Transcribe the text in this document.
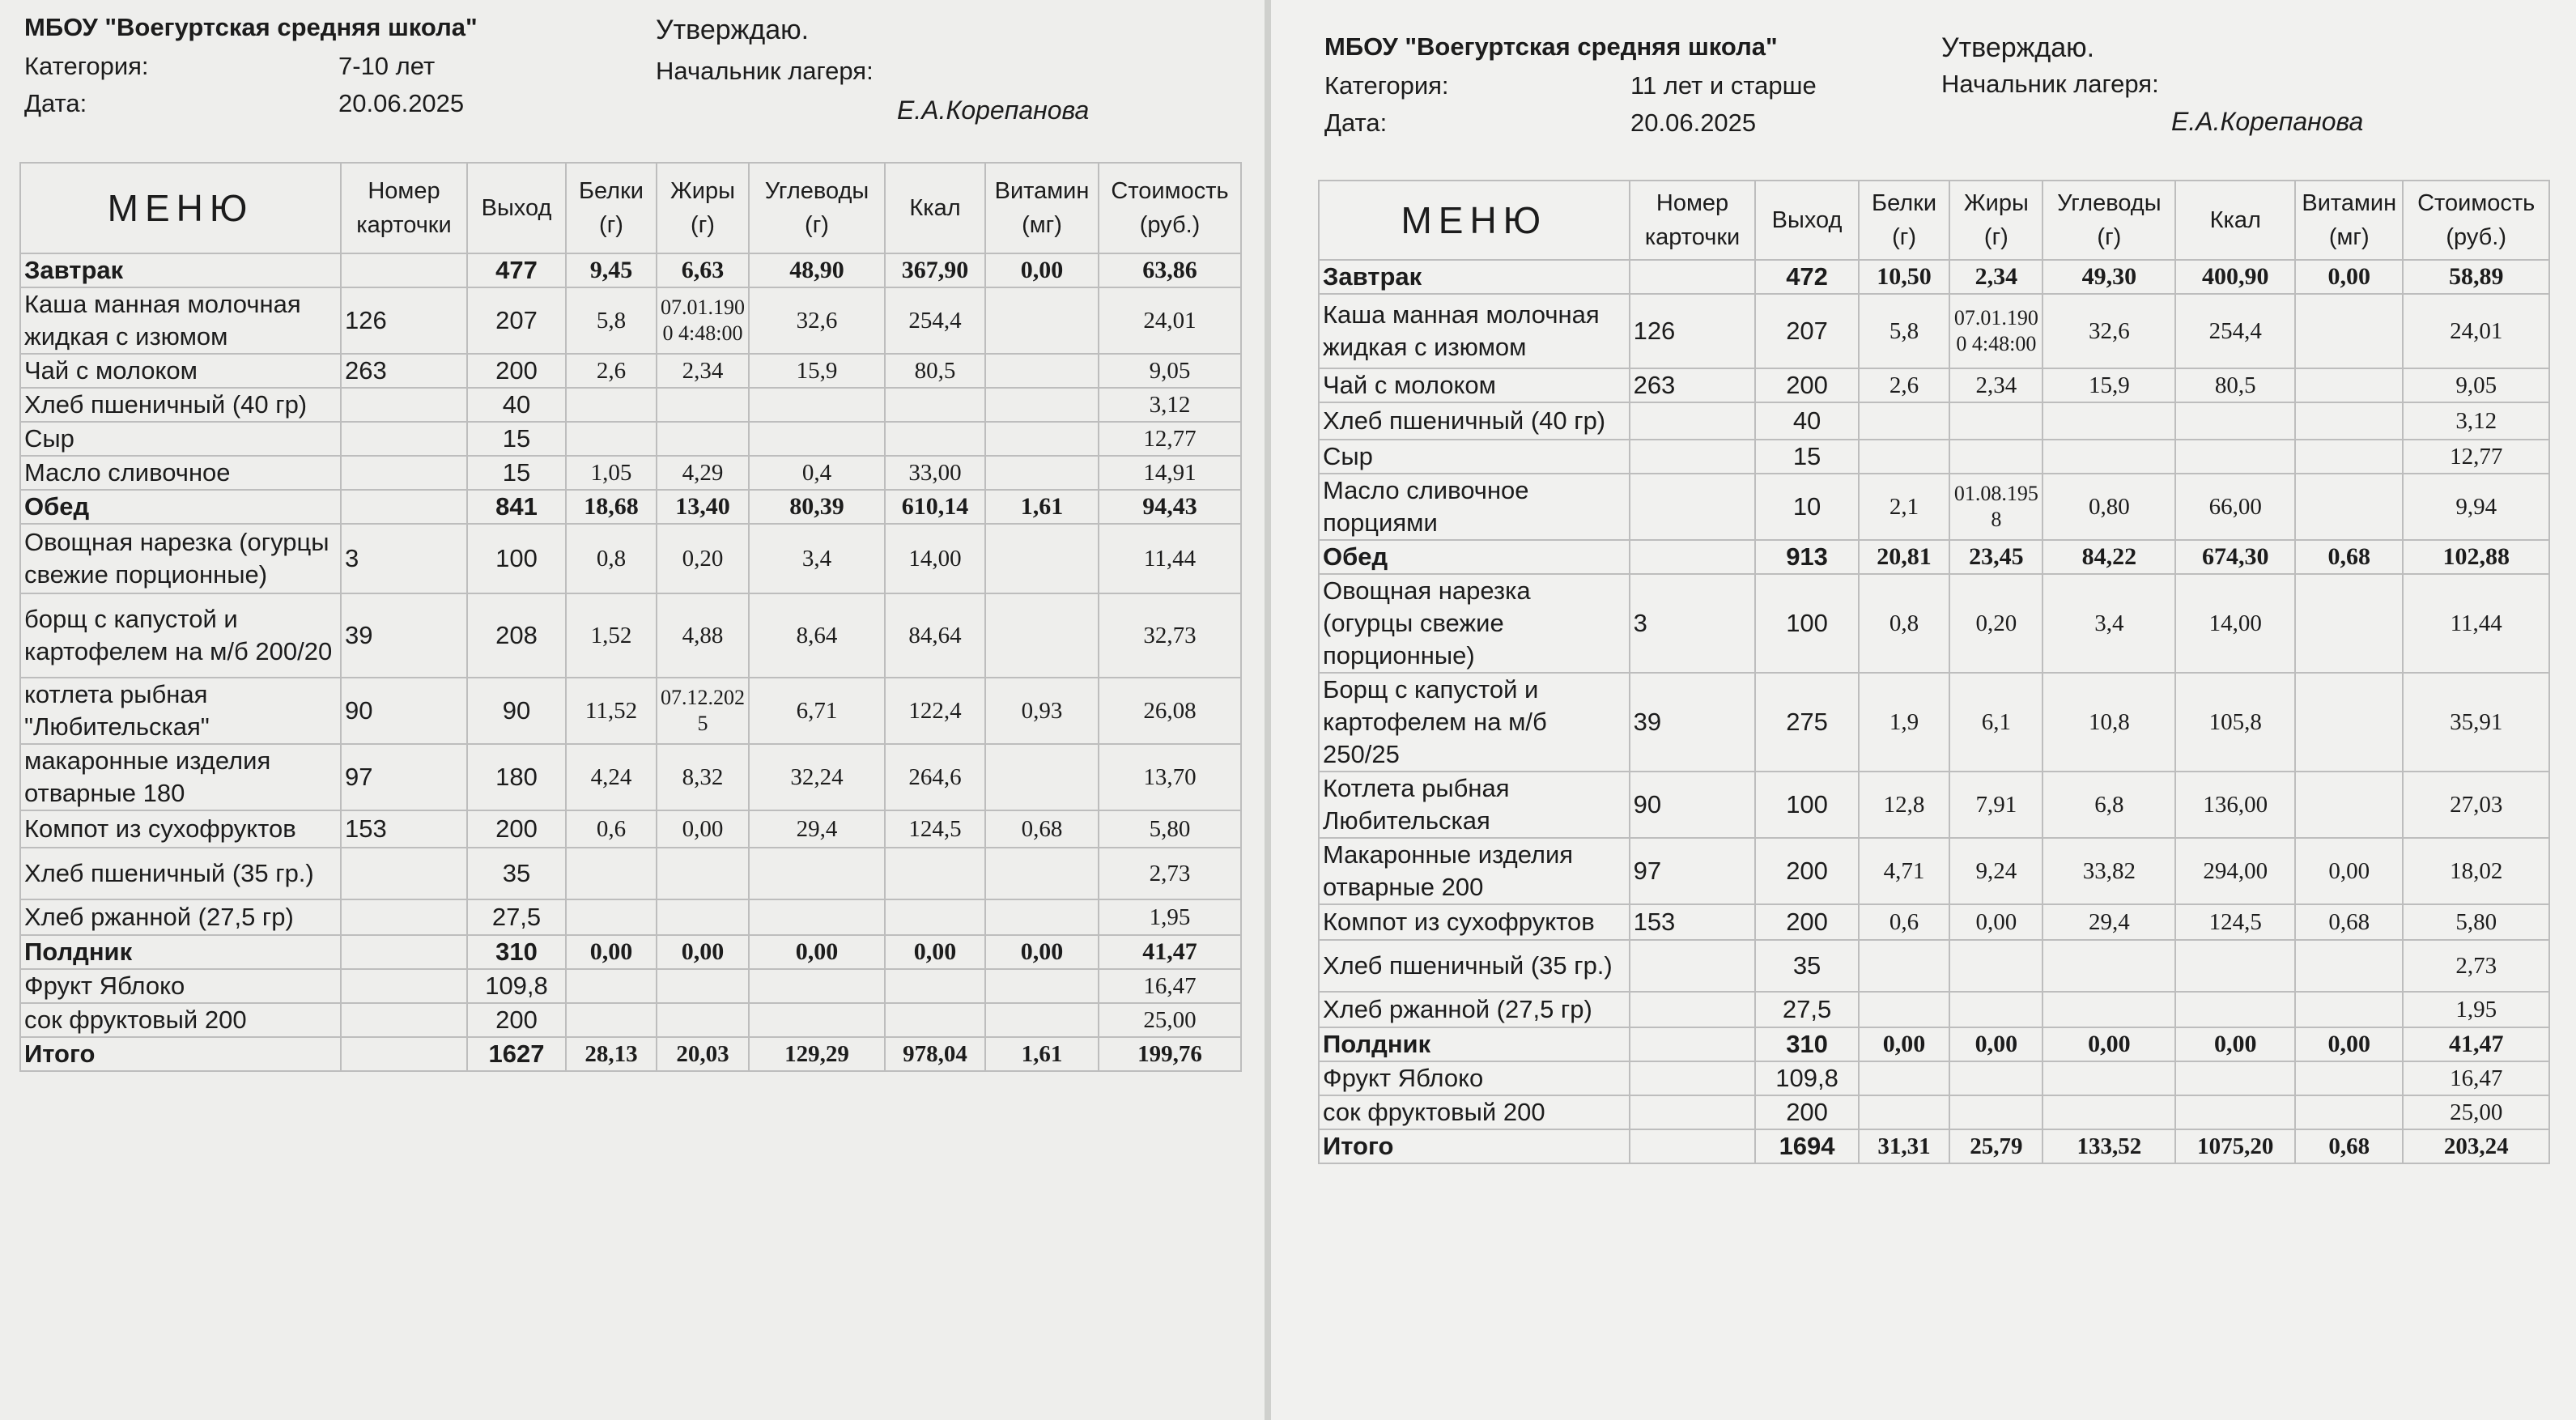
МБОУ "Воегуртская средняя школа"
Категория:	7-10 лет
Дата:	20.06.2025
Утверждаю.
Начальник лагеря:
Е.А.Корепанова
МЕНЮ	Номер карточки	Выход	Белки (г)	Жиры (г)	Углеводы (г)	Ккал	Витамин (мг)	Стоимость (руб.)
Завтрак		477	9,45	6,63	48,90	367,90	0,00	63,86
Каша манная молочная жидкая с изюмом	126	207	5,8	07.01.190 0 4:48:00	32,6	254,4		24,01
Чай с молоком	263	200	2,6	2,34	15,9	80,5		9,05
Хлеб пшеничный (40 гр)		40						3,12
Сыр		15						12,77
Масло сливочное		15	1,05	4,29	0,4	33,00		14,91
Обед		841	18,68	13,40	80,39	610,14	1,61	94,43
Овощная нарезка (огурцы свежие порционные)	3	100	0,8	0,20	3,4	14,00		11,44
борщ с капустой и картофелем на м/б 200/20	39	208	1,52	4,88	8,64	84,64		32,73
котлета рыбная "Любительская"	90	90	11,52	07.12.202 5	6,71	122,4	0,93	26,08
макаронные изделия отварные 180	97	180	4,24	8,32	32,24	264,6		13,70
Компот из сухофруктов	153	200	0,6	0,00	29,4	124,5	0,68	5,80
Хлеб пшеничный (35 гр.)		35						2,73
Хлеб ржанной (27,5 гр)		27,5						1,95
Полдник		310	0,00	0,00	0,00	0,00	0,00	41,47
Фрукт Яблоко		109,8						16,47
сок фруктовый 200		200						25,00
Итого		1627	28,13	20,03	129,29	978,04	1,61	199,76
МБОУ "Воегуртская средняя школа"
Категория:	11 лет и старше
Дата:	20.06.2025
Утверждаю.
Начальник лагеря:
Е.А.Корепанова
МЕНЮ	Номер карточки	Выход	Белки (г)	Жиры (г)	Углеводы (г)	Ккал	Витамин (мг)	Стоимость (руб.)
Завтрак		472	10,50	2,34	49,30	400,90	0,00	58,89
Каша манная молочная жидкая с изюмом	126	207	5,8	07.01.190 0 4:48:00	32,6	254,4		24,01
Чай с молоком	263	200	2,6	2,34	15,9	80,5		9,05
Хлеб пшеничный (40 гр)		40						3,12
Сыр		15						12,77
Масло сливочное порциями		10	2,1	01.08.195 8	0,80	66,00		9,94
Обед		913	20,81	23,45	84,22	674,30	0,68	102,88
Овощная нарезка (огурцы свежие порционные)	3	100	0,8	0,20	3,4	14,00		11,44
Борщ с капустой и картофелем на м/б 250/25	39	275	1,9	6,1	10,8	105,8		35,91
Котлета рыбная Любительская	90	100	12,8	7,91	6,8	136,00		27,03
Макаронные изделия отварные 200	97	200	4,71	9,24	33,82	294,00	0,00	18,02
Компот из сухофруктов	153	200	0,6	0,00	29,4	124,5	0,68	5,80
Хлеб пшеничный (35 гр.)		35						2,73
Хлеб ржанной (27,5 гр)		27,5						1,95
Полдник		310	0,00	0,00	0,00	0,00	0,00	41,47
Фрукт Яблоко		109,8						16,47
сок фруктовый 200		200						25,00
Итого		1694	31,31	25,79	133,52	1075,20	0,68	203,24
